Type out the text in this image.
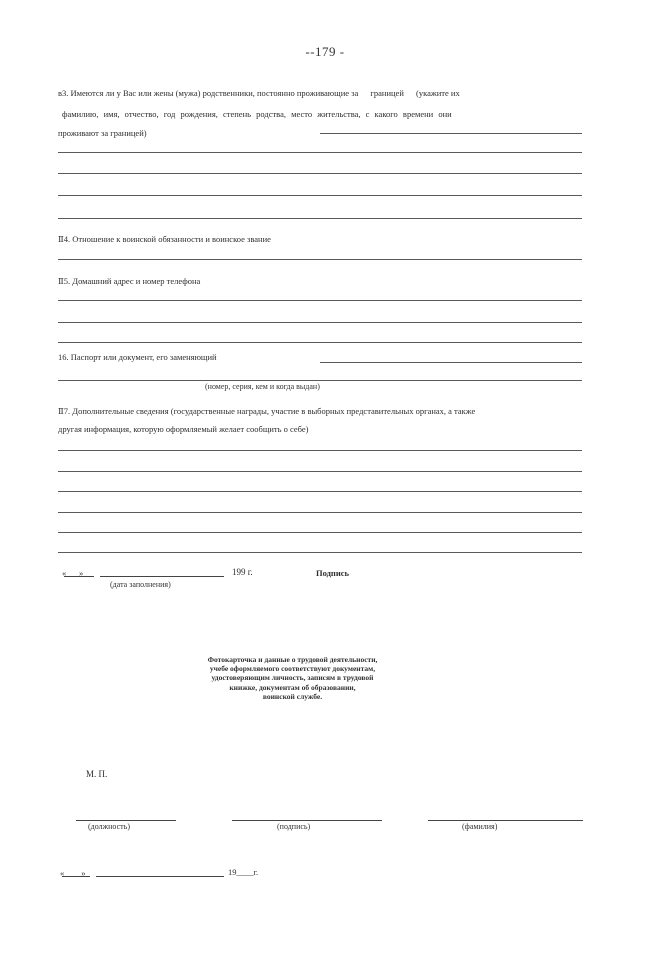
--179 -
в3. Имеются ли у Вас или жены (мужа) родственники, постоянно проживающие за границей (укажите их
фамилию, имя, отчество, год рождения, степень родства, место жительства, с какого времени они
проживают за границей)
Ⅱ4. Отношение к воинской обязанности и воинское звание
Ⅱ5. Домашний адрес и номер телефона
16. Паспорт или документ, его заменяющий
(номер, серия, кем и когда выдан)
Ⅱ7. Дополнительные сведения (государственные награды, участие в выборных представительных органах, а также
другая информация, которую оформляемый желает сообщить о себе)
«___»	199 г.
(дата заполнения)
Подпись
Фотокарточка и данные о трудовой деятельности,
учебе оформляемого соответствуют документам,
удостоверяющим личность, записям в трудовой
книжке, документам об образовании,
воинской службе.
М. П.
(должность)	(подпись)	(фамилия)
«____»	19____г.
